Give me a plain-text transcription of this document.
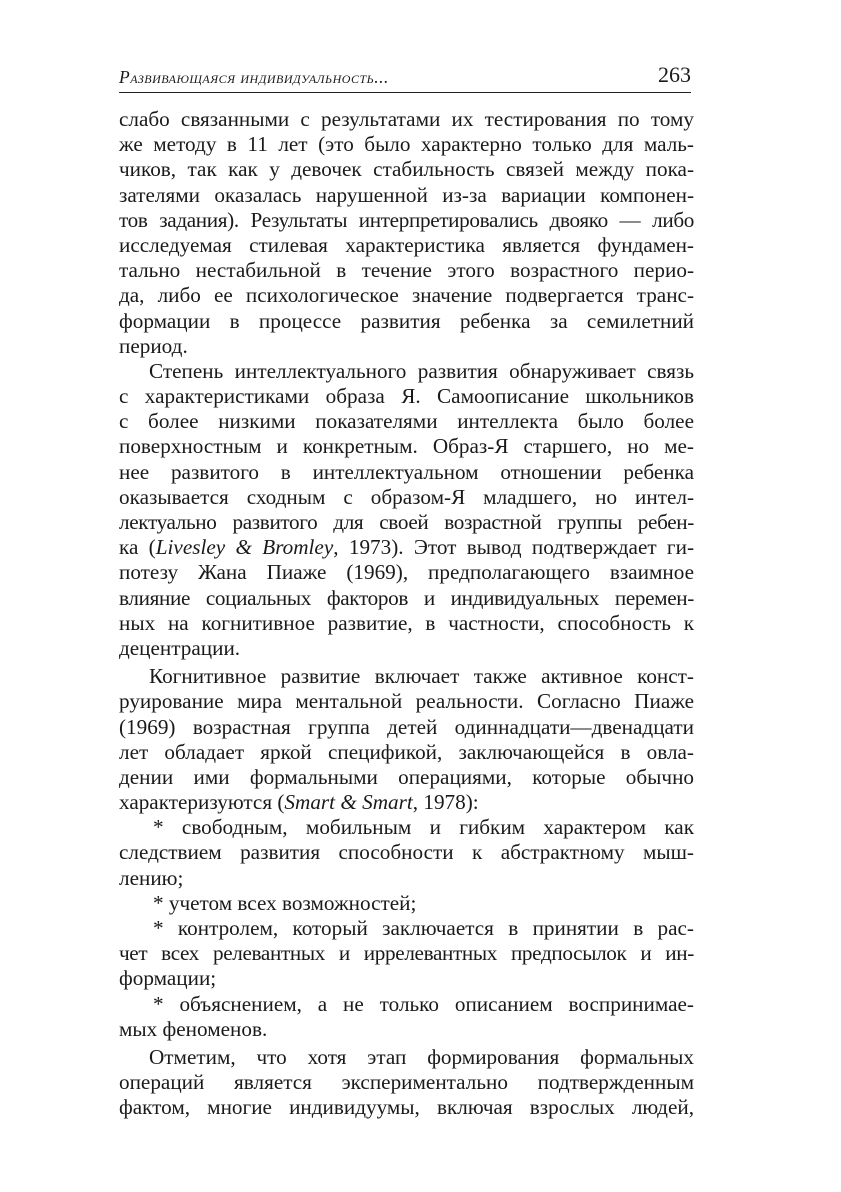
Развивающаяся индивидуальность...	263
слабо связанными с результатами их тестирования по тому
же методу в 11 лет (это было характерно только для маль-
чиков, так как у девочек стабильность связей между пока-
зателями оказалась нарушенной из-за вариации компонен-
тов задания). Результаты интерпретировались двояко — либо
исследуемая стилевая характеристика является фундамен-
тально нестабильной в течение этого возрастного перио-
да, либо ее психологическое значение подвергается транс-
формации в процессе развития ребенка за семилетний
период.
Степень интеллектуального развития обнаруживает связь
с характеристиками образа Я. Самоописание школьников
с более низкими показателями интеллекта было более
поверхностным и конкретным. Образ-Я старшего, но ме-
нее развитого в интеллектуальном отношении ребенка
оказывается сходным с образом-Я младшего, но интел-
лектуально развитого для своей возрастной группы ребен-
ка (Livesley & Bromley, 1973). Этот вывод подтверждает ги-
потезу Жана Пиаже (1969), предполагающего взаимное
влияние социальных факторов и индивидуальных перемен-
ных на когнитивное развитие, в частности, способность к
децентрации.
Когнитивное развитие включает также активное конст-
руирование мира ментальной реальности. Согласно Пиаже
(1969) возрастная группа детей одиннадцати—двенадцати
лет обладает яркой спецификой, заключающейся в овла-
дении ими формальными операциями, которые обычно
характеризуются (Smart & Smart, 1978):
* свободным, мобильным и гибким характером как
следствием развития способности к абстрактному мыш-
лению;
* учетом всех возможностей;
* контролем, который заключается в принятии в рас-
чет всех релевантных и иррелевантных предпосылок и ин-
формации;
* объяснением, а не только описанием воспринимае-
мых феноменов.
Отметим, что хотя этап формирования формальных
операций является экспериментально подтвержденным
фактом, многие индивидуумы, включая взрослых людей,
